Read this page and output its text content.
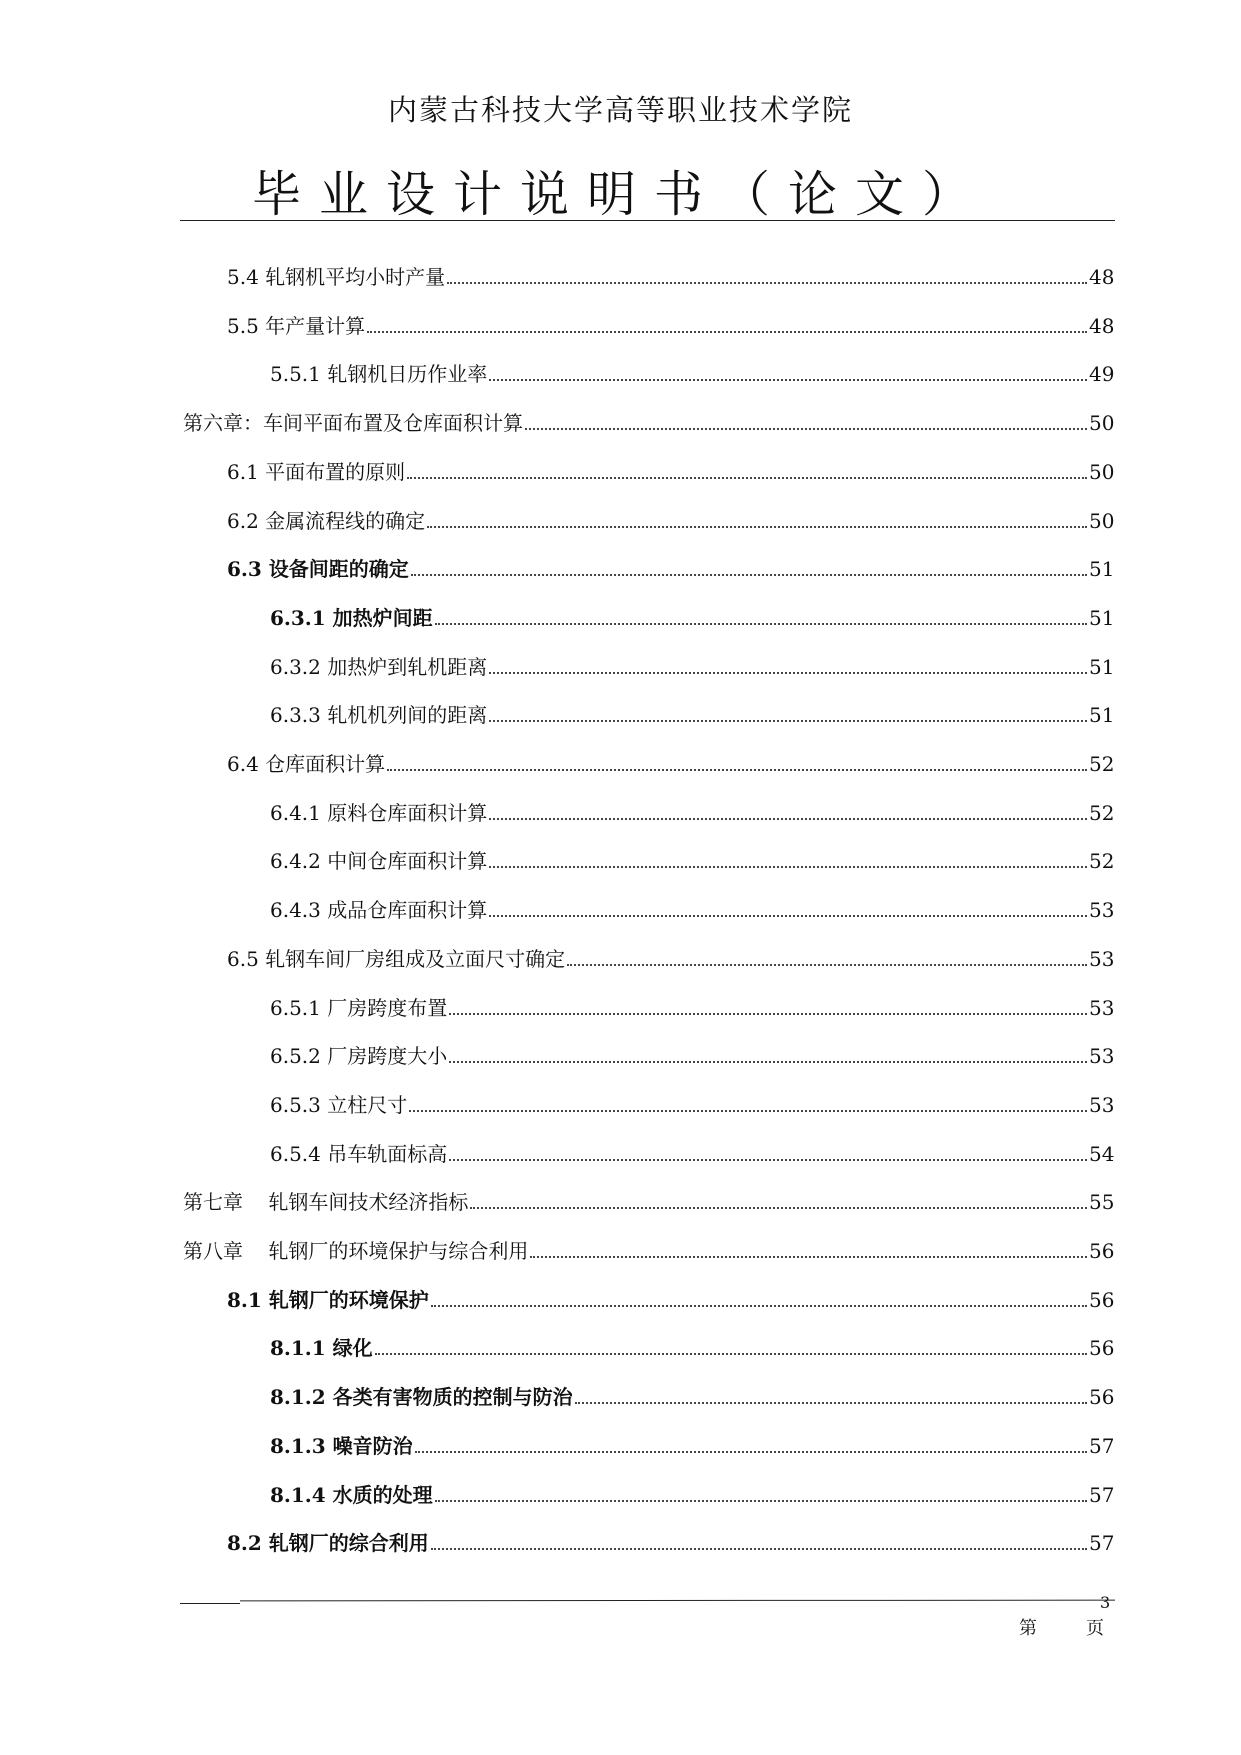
内蒙古科技大学高等职业技术学院
毕业设计说明书（论文）
5.4 轧钢机平均小时产量	48
5.5 年产量计算	48
5.5.1 轧钢机日历作业率	49
第六章：车间平面布置及仓库面积计算	50
6.1 平面布置的原则	50
6.2 金属流程线的确定	50
6.3 设备间距的确定	51
6.3.1 加热炉间距	51
6.3.2 加热炉到轧机距离	51
6.3.3 轧机机列间的距离	51
6.4 仓库面积计算	52
6.4.1 原料仓库面积计算	52
6.4.2 中间仓库面积计算	52
6.4.3 成品仓库面积计算	53
6.5 轧钢车间厂房组成及立面尺寸确定	53
6.5.1 厂房跨度布置	53
6.5.2 厂房跨度大小	53
6.5.3 立柱尺寸	53
6.5.4 吊车轨面标高	54
第七章    轧钢车间技术经济指标	55
第八章    轧钢厂的环境保护与综合利用	56
8.1 轧钢厂的环境保护	56
8.1.1 绿化	56
8.1.2 各类有害物质的控制与防治	56
8.1.3 噪音防治	57
8.1.4 水质的处理	57
8.2 轧钢厂的综合利用	57
3
第	页
